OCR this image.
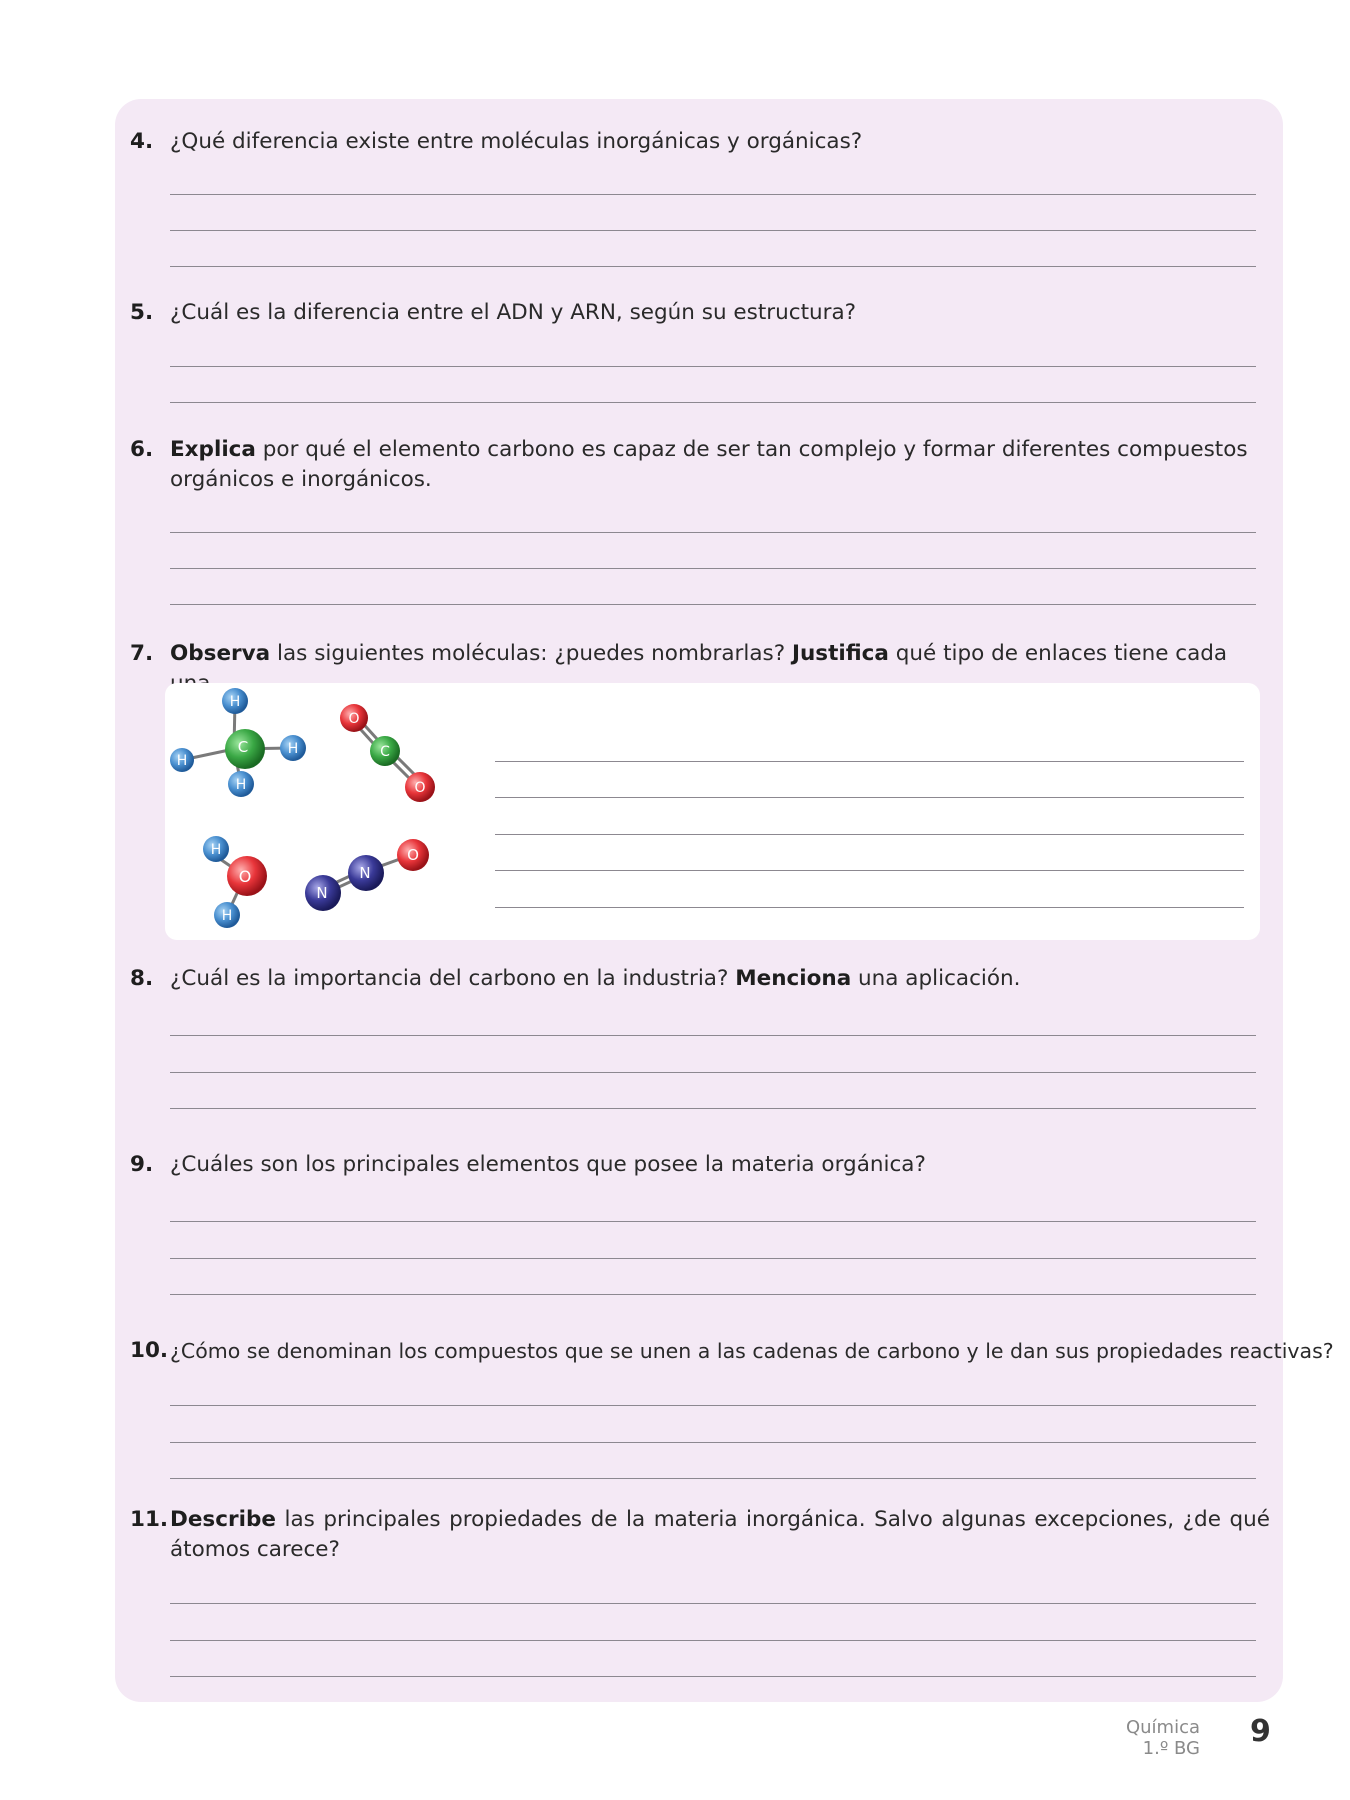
4. ¿Qué diferencia existe entre moléculas inorgánicas y orgánicas?
5. ¿Cuál es la diferencia entre el ADN y ARN, según su estructura?
6. Explica por qué el elemento carbono es capaz de ser tan complejo y formar diferentes compuestos orgánicos e inorgánicos.
7. Observa las siguientes moléculas: ¿puedes nombrarlas? Justifica qué tipo de enlaces tiene cada
H
H
H
H
C
O
C
O
H
O
H
N
N
O
8. ¿Cuál es la importancia del carbono en la industria? Menciona una aplicación.
9. ¿Cuáles son los principales elementos que posee la materia orgánica?
10. ¿Cómo se denominan los compuestos que se unen a las cadenas de carbono y le dan sus propiedades reactivas?
11. Describe las principales propiedades de la materia inorgánica. Salvo algunas excepciones, ¿de qué átomos carece?
Química
1.º BG 9
